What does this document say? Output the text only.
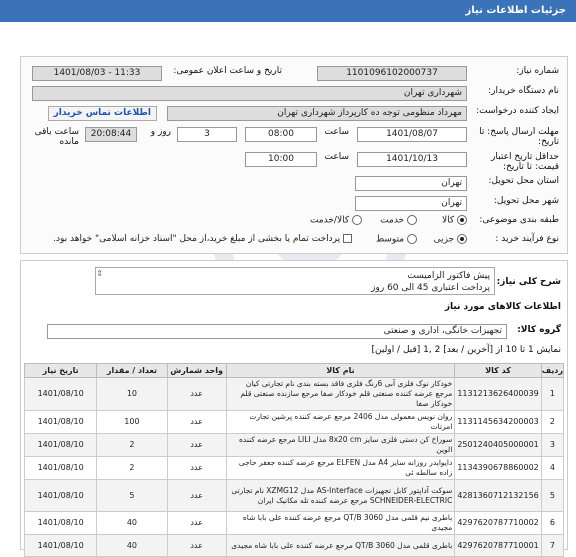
جزئیات اطلاعات نیاز
شماره نیاز:
1101096102000737
تاریخ و ساعت اعلان عمومی:
1401/08/03 - 11:33
نام دستگاه خریدار:
شهرداری تهران
ایجاد کننده درخواست:
مهرداد منظومی توجه ده کارپرداز شهرداری تهران
اطلاعات تماس خریدار
مهلت ارسال پاسخ: تا تاریخ:
1401/08/07
ساعت
08:00
3
روز و
20:08:44
ساعت باقی مانده
حداقل تاریخ اعتبار قیمت: تا تاریخ:
1401/10/13
ساعت
10:00
استان محل تحویل:
تهران
شهر محل تحویل:
تهران
طبقه بندی موضوعی:
کالا
خدمت
کالا/خدمت
نوع فرآیند خرید :
جزیی
متوسط
پرداخت تمام یا بخشی از مبلغ خرید،از محل "اسناد خزانه اسلامی" خواهد بود.
شرح کلی نیاز:
پیش فاکتور الزامیست
پرداخت اعتباری 45 الی 60 روز
⇕
اطلاعات کالاهای مورد نیاز
گروه کالا:
تجهیزات خانگی، اداری و صنعتی
نمایش 1 تا 10 از [آخرین / بعد] 2 ,1 [قبل / اولین]
ردیف	کد کالا	نام کالا	واحد شمارش	تعداد / مقدار	تاریخ نیاز
1	1131213626400039	خودکار نوک فلزی آبی 6رنگ فلزی فاقد بسته بندی نام تجارتی کیان مرجع عرضه کننده صنعتی قلم خودکار صفا مرجع سازنده صنعتی قلم خودکار صفا	عدد	10	1401/08/10
2	1131145634200003	روان نویس معمولی مدل 2406 مرجع عرضه کننده پرشین تجارت امرتات	عدد	100	1401/08/10
3	2501240405000001	سوراخ کن دستی فلزی سایز 8x20 cm مدل LILI مرجع عرضه کننده الوین	عدد	2	1401/08/10
4	1134390678860002	دایوایدر روزانه سایز A4 مدل ELFEN مرجع عرضه کننده جعفر حاجی زاده سالطه ئی	عدد	2	1401/08/10
5	4281360712132156	سوکت آداپتور کابل تجهیزات AS-Interface مدل XZMG12 نام تجارتی SCHNEIDER-ELECTRIC مرجع عرضه کننده تله مکانیک ایران	عدد	5	1401/08/10
6	4297620787710002	باطری نیم قلمی مدل QT/B 3060 مرجع عرضه کننده علی بابا شاه مجیدی	عدد	40	1401/08/10
7	4297620787710001	باطری قلمی مدل QT/B 3060 مرجع عرضه کننده علی بابا شاه مجیدی	عدد	40	1401/08/10
